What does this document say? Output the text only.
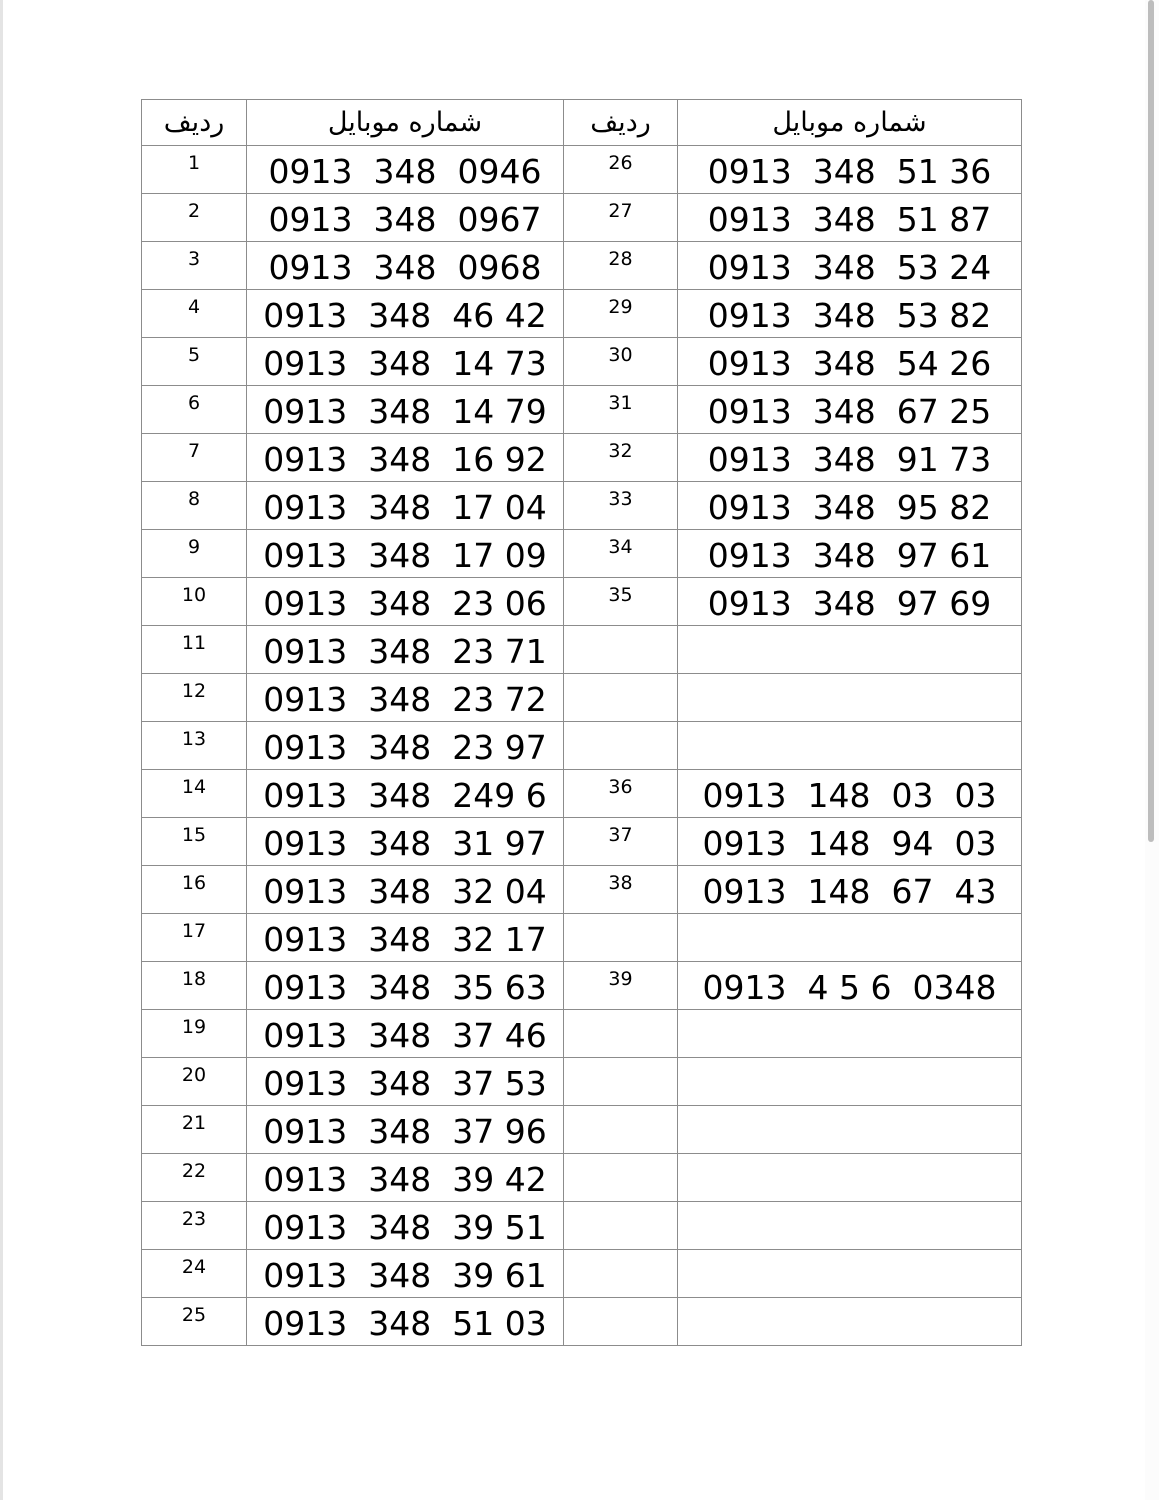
ردیف	شماره موبایل	ردیف	شماره موبایل

1	0913  348  0946	26	0913  348  51 36

2	0913  348  0967	27	0913  348  51 87

3	0913  348  0968	28	0913  348  53 24

4	0913  348  46 42	29	0913  348  53 82

5	0913  348  14 73	30	0913  348  54 26

6	0913  348  14 79	31	0913  348  67 25

7	0913  348  16 92	32	0913  348  91 73

8	0913  348  17 04	33	0913  348  95 82

9	0913  348  17 09	34	0913  348  97 61

10	0913  348  23 06	35	0913  348  97 69

11	0913  348  23 71	

12	0913  348  23 72	

13	0913  348  23 97	

14	0913  348  249 6	36	0913  148  03  03

15	0913  348  31 97	37	0913  148  94  03

16	0913  348  32 04	38	0913  148  67  43

17	0913  348  32 17	

18	0913  348  35 63	39	0913  4 5 6  0348

19	0913  348  37 46	

20	0913  348  37 53	

21	0913  348  37 96	

22	0913  348  39 42	

23	0913  348  39 51	

24	0913  348  39 61	

25	0913  348  51 03	
